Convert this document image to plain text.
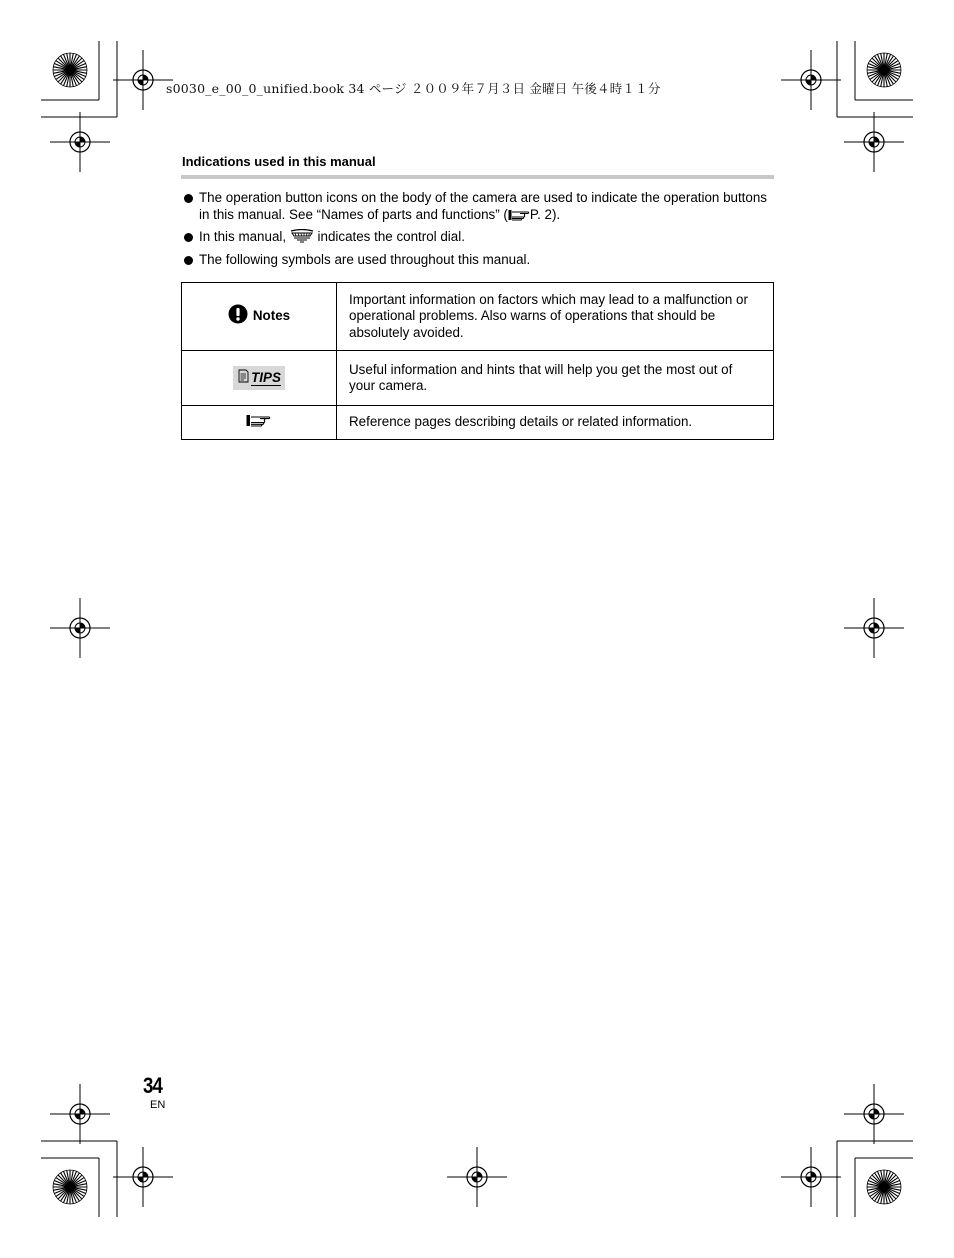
s0030_e_00_0_unified.book 34 ページ ２００９年７月３日 金曜日 午後４時１１分
Indications used in this manual
The operation button icons on the body of the camera are used to indicate the operation buttons in this manual. See “Names of parts and functions” ( P. 2).
In this manual,  indicates the control dial.
The following symbols are used throughout this manual.
Notes	Important information on factors which may lead to a malfunction or operational problems. Also warns of operations that should be absolutely avoided.

TIPS	Useful information and hints that will help you get the most out of your camera.
	Reference pages describing details or related information.
34
EN
